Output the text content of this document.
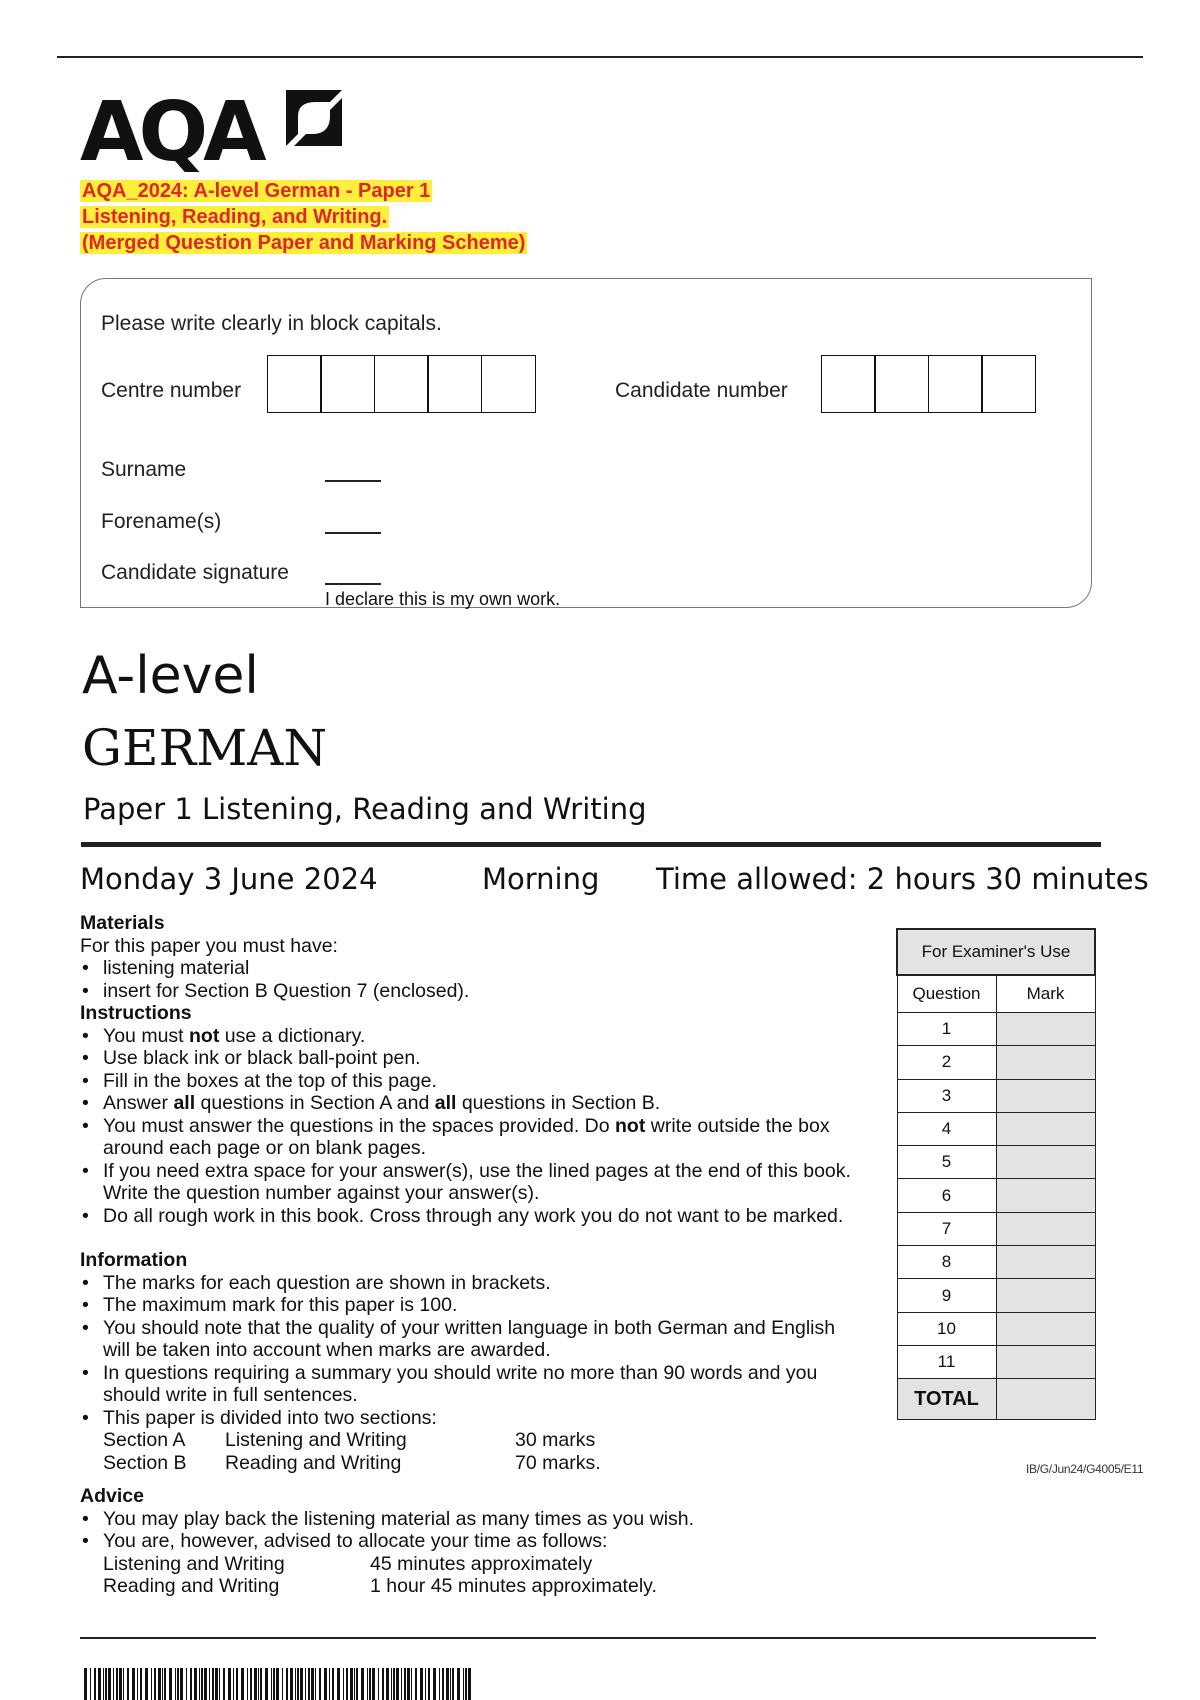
AQA
AQA_2024: A-level German - Paper 1
Listening, Reading, and Writing.
(Merged Question Paper and Marking Scheme)
Please write clearly in block capitals.
Centre number	Candidate number
Surname
Forename(s)
Candidate signature
I declare this is my own work.
A-level
GERMAN
Paper 1 Listening, Reading and Writing
Monday 3 June 2024	Morning Time allowed: 2 hours 30 minutes
Materials
For this paper you must have:
• listening material
• insert for Section B Question 7 (enclosed).
Instructions
• You must not use a dictionary.
• Use black ink or black ball-point pen.
• Fill in the boxes at the top of this page.
• Answer all questions in Section A and all questions in Section B.
• You must answer the questions in the spaces provided. Do not write outside the box around each page or on blank pages.
• If you need extra space for your answer(s), use the lined pages at the end of this book. Write the question number against your answer(s).
• Do all rough work in this book. Cross through any work you do not want to be marked.
Information
• The marks for each question are shown in brackets.
• The maximum mark for this paper is 100.
• You should note that the quality of your written language in both German and English will be taken into account when marks are awarded.
• In questions requiring a summary you should write no more than 90 words and you should write in full sentences.
• This paper is divided into two sections:
Section A	Listening and Writing	30 marks
Section B	Reading and Writing	70 marks.
Advice
• You may play back the listening material as many times as you wish.
• You are, however, advised to allocate your time as follows:
Listening and Writing	45 minutes approximately
Reading and Writing	1 hour 45 minutes approximately.
For Examiner's Use	
Question	Mark
1	
2	
3	
4	
5	
6	
7	
8	
9	
10	
11	
TOTAL	
IB/G/Jun24/G4005/E11
